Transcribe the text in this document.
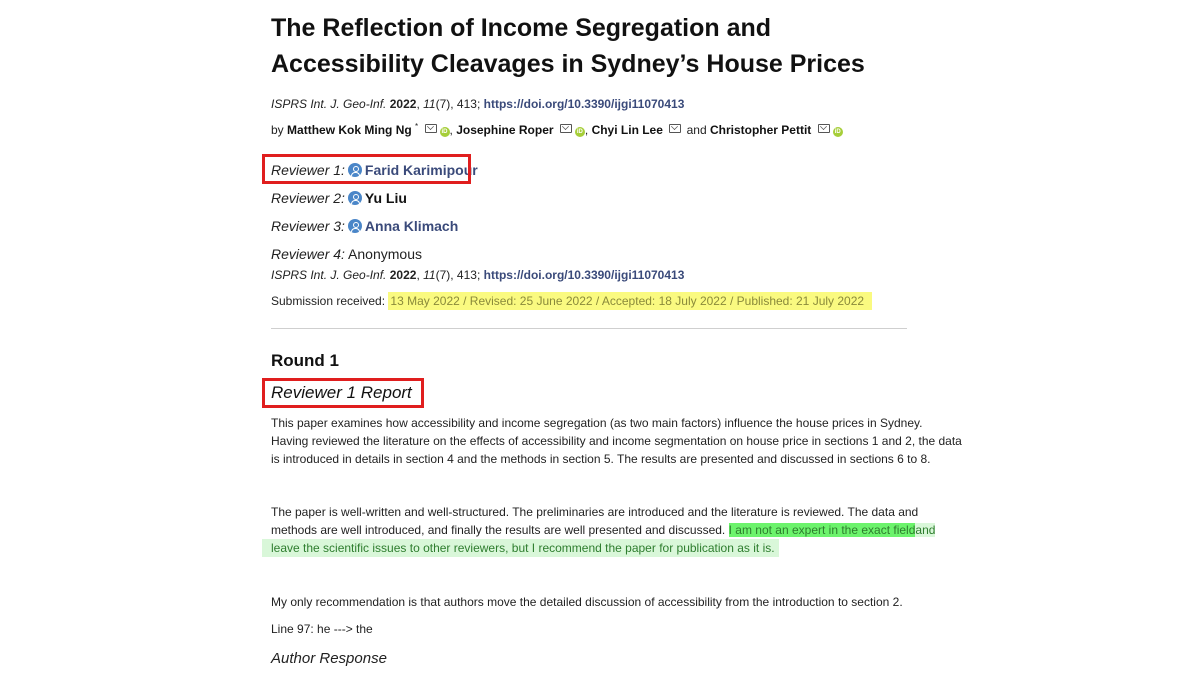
The Reflection of Income Segregation and Accessibility Cleavages in Sydney’s House Prices
ISPRS Int. J. Geo-Inf. 2022, 11(7), 413; https://doi.org/10.3390/ijgi11070413
by Matthew Kok Ming Ng * iD , Josephine Roper	iD , Chyi Lin Lee and Christopher Pettit	iD
Reviewer 1: Farid Karimipour
Reviewer 2: Yu Liu
Reviewer 3: Anna Klimach
Reviewer 4: Anonymous
ISPRS Int. J. Geo-Inf. 2022, 11(7), 413; https://doi.org/10.3390/ijgi11070413
Submission received: 13 May 2022 / Revised: 25 June 2022 / Accepted: 18 July 2022 / Published: 21 July 2022
Round 1
Reviewer 1 Report
This paper examines how accessibility and income segregation (as two main factors) influence the house prices in Sydney.
Having reviewed the literature on the effects of accessibility and income segmentation on house price in sections 1 and 2, the data
is introduced in details in section 4 and the methods in section 5. The results are presented and discussed in sections 6 to 8.
The paper is well-written and well-structured. The preliminaries are introduced and the literature is reviewed. The data and
methods are well introduced, and finally the results are well presented and discussed. I am not an expert in the exact fieldand
leave the scientific issues to other reviewers, but I recommend the paper for publication as it is.
My only recommendation is that authors move the detailed discussion of accessibility from the introduction to section 2.
Line 97: he ---> the
Author Response
